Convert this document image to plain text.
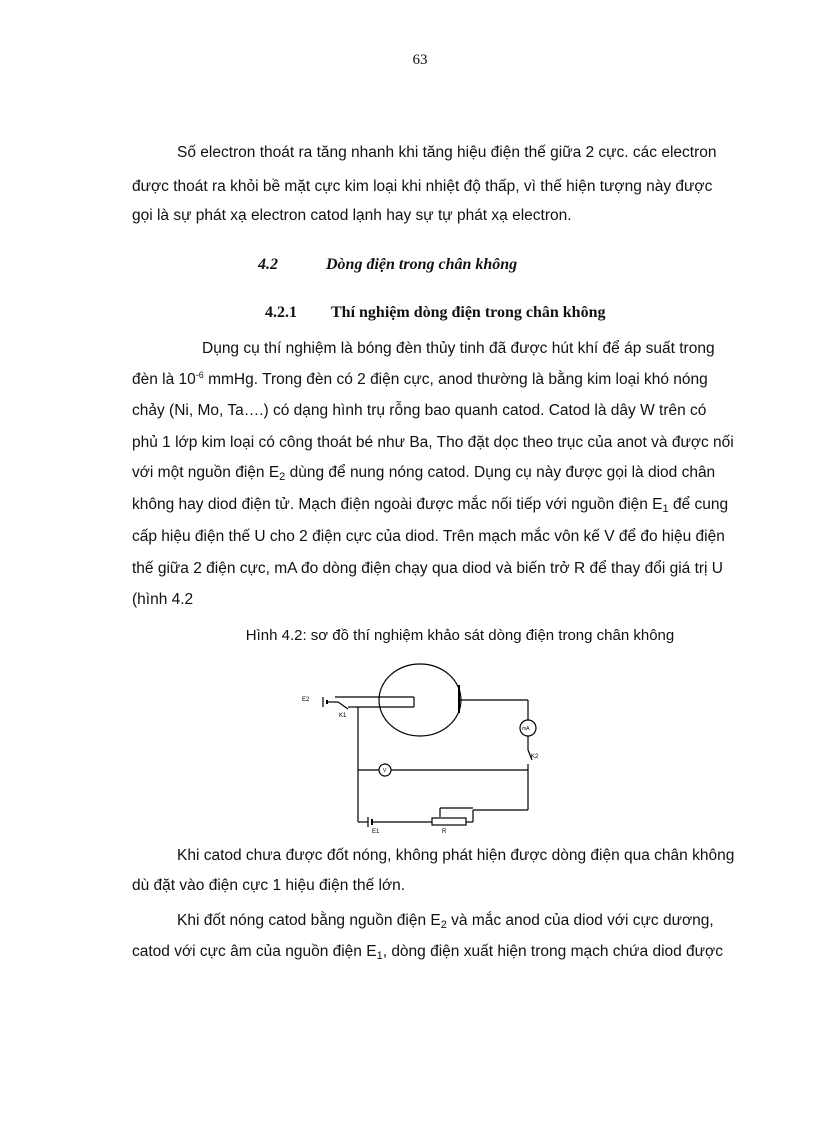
63
Số electron thoát ra tăng nhanh khi tăng hiệu điện thế giữa 2 cực. các electron
được thoát ra khỏi bề mặt cực kim loại khi nhiệt độ thấp, vì thế hiện tượng này được
gọi là sự phát xạ electron catod lạnh hay sự tự phát xạ electron.
4.2	Dòng điện trong chân không
4.2.1 Thí nghiệm dòng điện trong chân không
Dụng cụ thí nghiệm là bóng đèn thủy tinh đã được hút khí để áp suất trong
đèn là $10^{-6}$ mmHg. Trong đèn có 2 điện cực, anod thường là bằng kim loại khó nóng
chảy (Ni, Mo, Ta….) có dạng hình trụ rỗng bao quanh catod. Catod là dây W trên có
phủ 1 lớp kim loại có công thoát bé như Ba, Tho đặt dọc theo trục của anot và được nối
với một nguồn điện E2 dùng để nung nóng catod. Dụng cụ này được gọi là diod chân
không hay diod điện tử. Mạch điện ngoài được mắc nối tiếp với nguồn điện E1 để cung
cấp hiệu điện thế U cho 2 điện cực của diod. Trên mạch mắc vôn kế V để đo hiệu điện
thế giữa 2 điện cực, mA đo dòng điện chạy qua diod và biến trở R để thay đổi giá trị U
(hình 4.2
Hình 4.2: sơ đồ thí nghiệm khảo sát dòng điện trong chân không
E2
K1
mA
K2
V
E1	R
Khi catod chưa được đốt nóng, không phát hiện được dòng điện qua chân không
dù đặt vào điện cực 1 hiệu điện thế lớn.
Khi đốt nóng catod bằng nguồn điện E2 và mắc anod của diod với cực dương,
catod với cực âm của nguồn điện E1, dòng điện xuất hiện trong mạch chứa diod được
